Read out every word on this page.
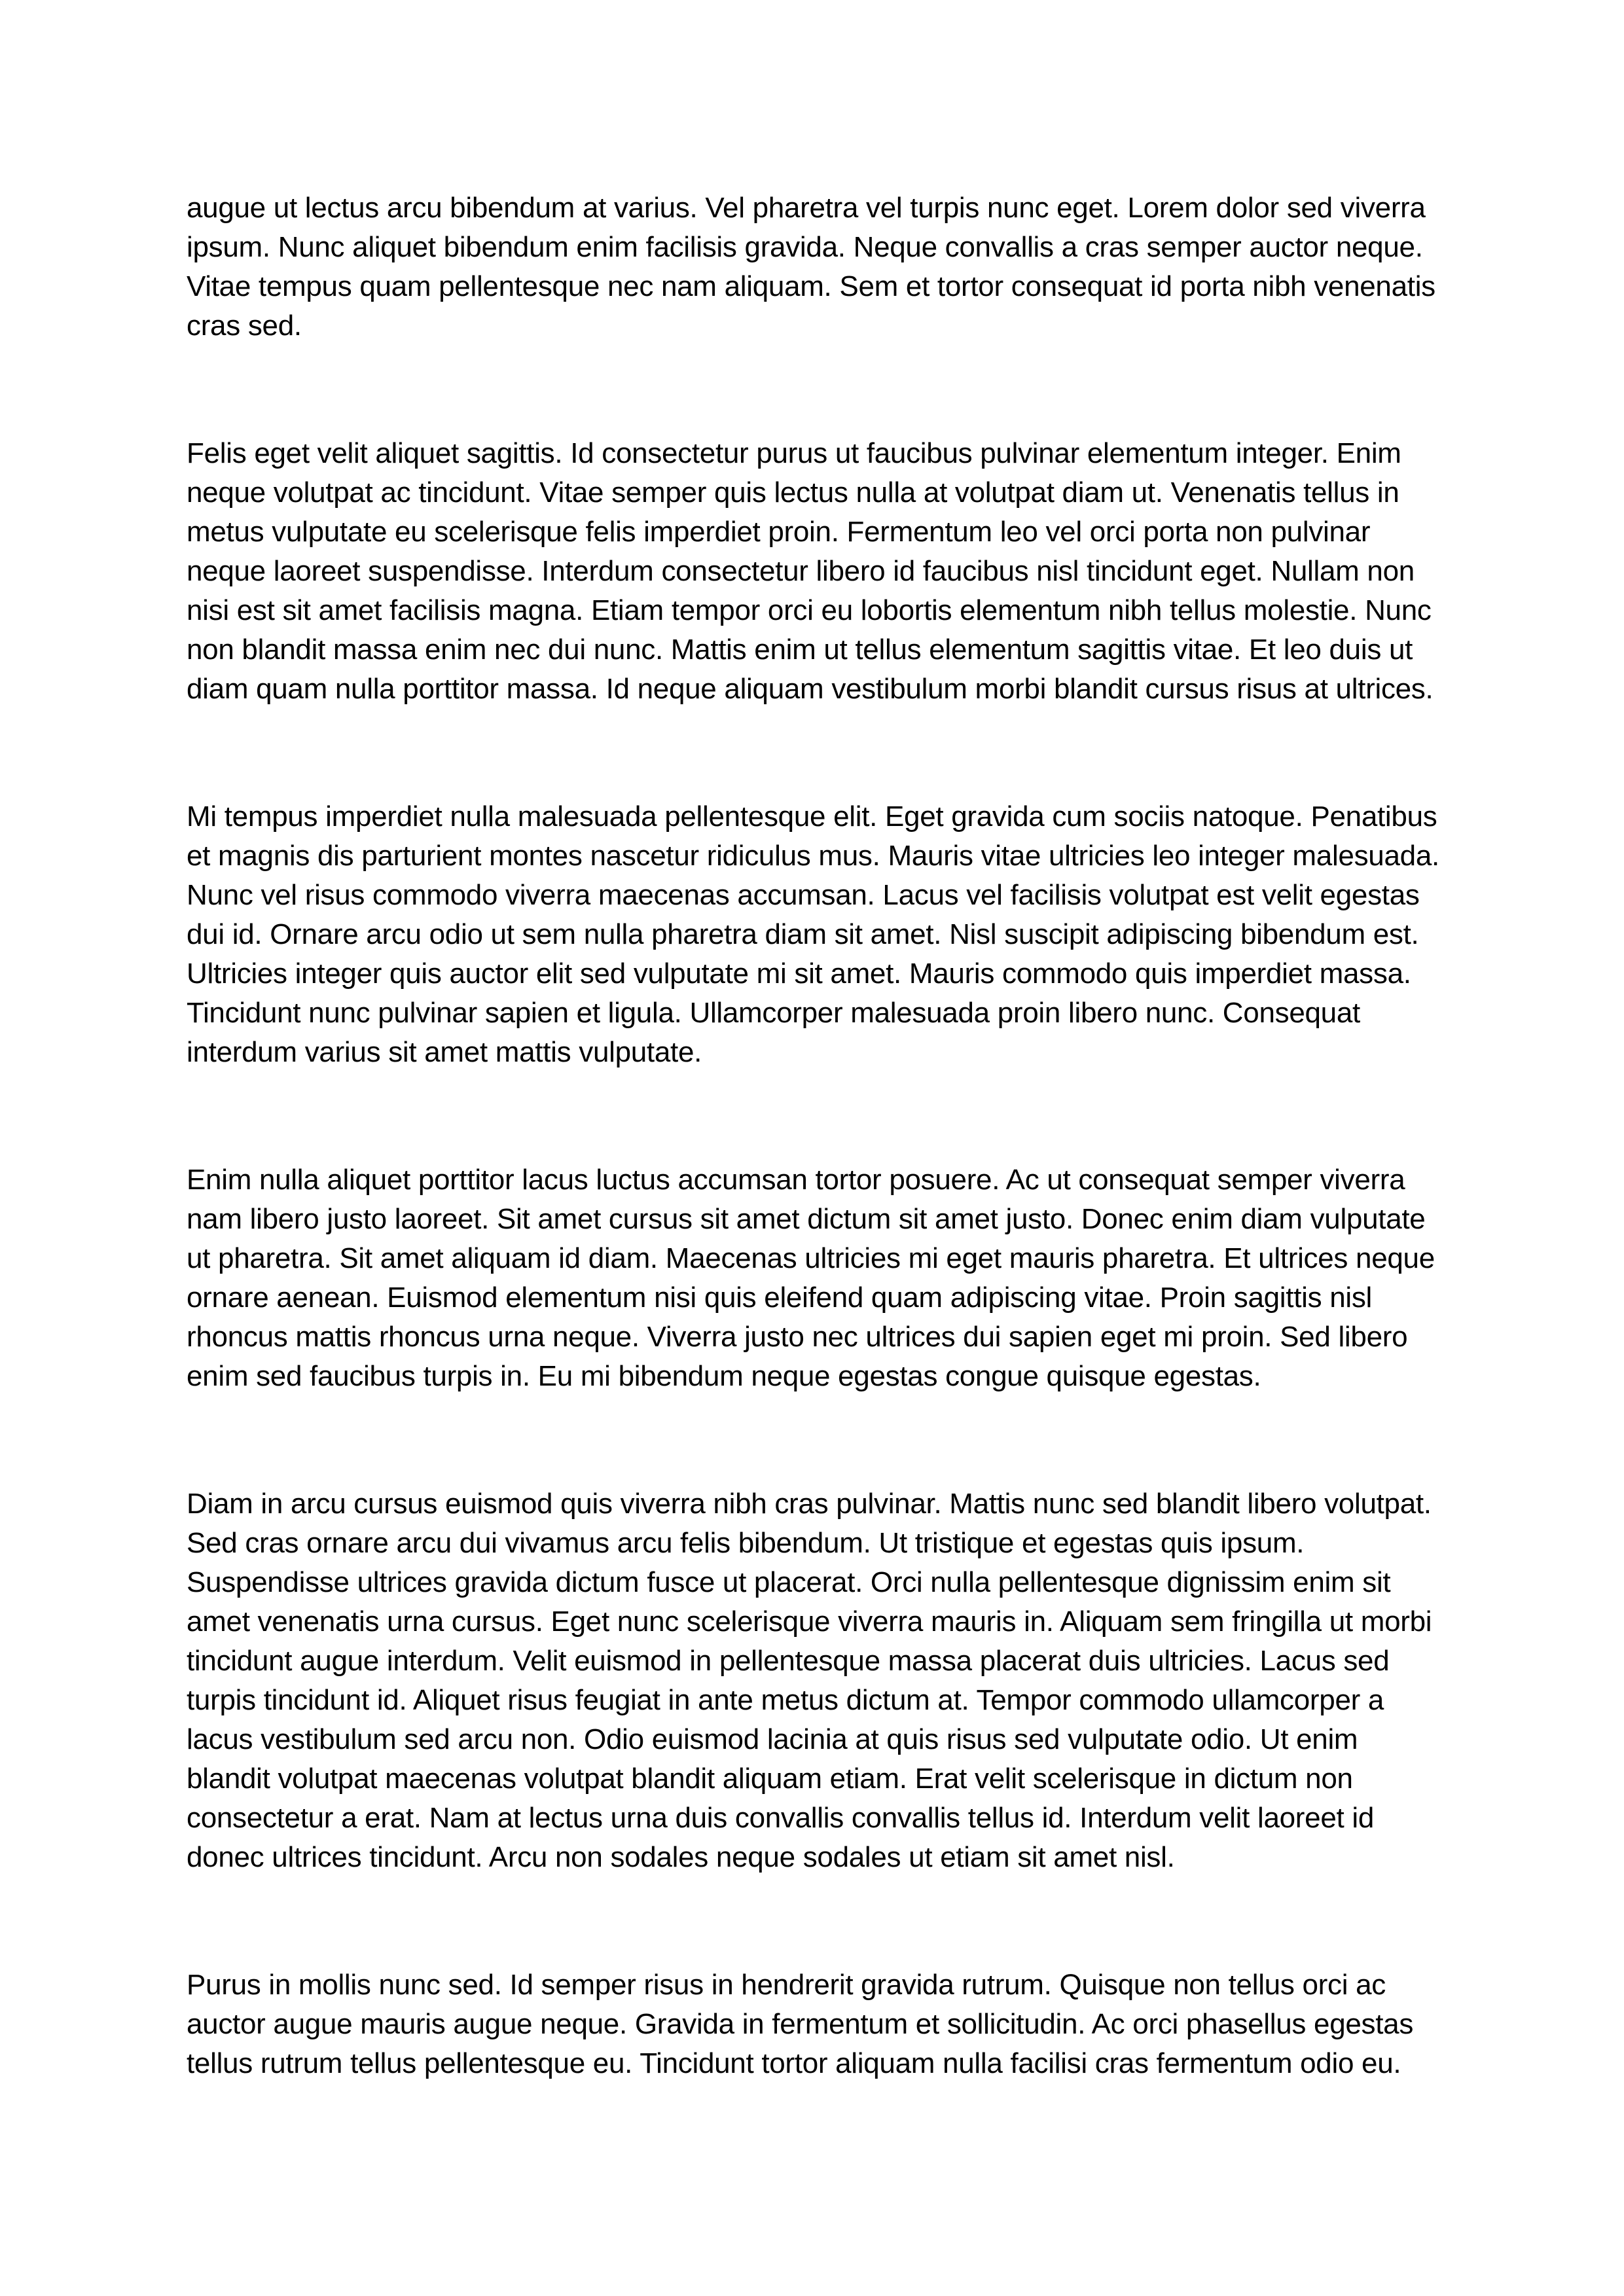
augue ut lectus arcu bibendum at varius. Vel pharetra vel turpis nunc eget. Lorem dolor sed viverra ipsum. Nunc aliquet bibendum enim facilisis gravida. Neque convallis a cras semper auctor neque. Vitae tempus quam pellentesque nec nam aliquam. Sem et tortor consequat id porta nibh venenatis cras sed.

Felis eget velit aliquet sagittis. Id consectetur purus ut faucibus pulvinar elementum integer. Enim neque volutpat ac tincidunt. Vitae semper quis lectus nulla at volutpat diam ut. Venenatis tellus in metus vulputate eu scelerisque felis imperdiet proin. Fermentum leo vel orci porta non pulvinar neque laoreet suspendisse. Interdum consectetur libero id faucibus nisl tincidunt eget. Nullam non nisi est sit amet facilisis magna. Etiam tempor orci eu lobortis elementum nibh tellus molestie. Nunc non blandit massa enim nec dui nunc. Mattis enim ut tellus elementum sagittis vitae. Et leo duis ut diam quam nulla porttitor massa. Id neque aliquam vestibulum morbi blandit cursus risus at ultrices.

Mi tempus imperdiet nulla malesuada pellentesque elit. Eget gravida cum sociis natoque. Penatibus et magnis dis parturient montes nascetur ridiculus mus. Mauris vitae ultricies leo integer malesuada. Nunc vel risus commodo viverra maecenas accumsan. Lacus vel facilisis volutpat est velit egestas dui id. Ornare arcu odio ut sem nulla pharetra diam sit amet. Nisl suscipit adipiscing bibendum est. Ultricies integer quis auctor elit sed vulputate mi sit amet. Mauris commodo quis imperdiet massa. Tincidunt nunc pulvinar sapien et ligula. Ullamcorper malesuada proin libero nunc. Consequat interdum varius sit amet mattis vulputate.

Enim nulla aliquet porttitor lacus luctus accumsan tortor posuere. Ac ut consequat semper viverra nam libero justo laoreet. Sit amet cursus sit amet dictum sit amet justo. Donec enim diam vulputate ut pharetra. Sit amet aliquam id diam. Maecenas ultricies mi eget mauris pharetra. Et ultrices neque ornare aenean. Euismod elementum nisi quis eleifend quam adipiscing vitae. Proin sagittis nisl rhoncus mattis rhoncus urna neque. Viverra justo nec ultrices dui sapien eget mi proin. Sed libero enim sed faucibus turpis in. Eu mi bibendum neque egestas congue quisque egestas.

Diam in arcu cursus euismod quis viverra nibh cras pulvinar. Mattis nunc sed blandit libero volutpat. Sed cras ornare arcu dui vivamus arcu felis bibendum. Ut tristique et egestas quis ipsum. Suspendisse ultrices gravida dictum fusce ut placerat. Orci nulla pellentesque dignissim enim sit amet venenatis urna cursus. Eget nunc scelerisque viverra mauris in. Aliquam sem fringilla ut morbi tincidunt augue interdum. Velit euismod in pellentesque massa placerat duis ultricies. Lacus sed turpis tincidunt id. Aliquet risus feugiat in ante metus dictum at. Tempor commodo ullamcorper a lacus vestibulum sed arcu non. Odio euismod lacinia at quis risus sed vulputate odio. Ut enim blandit volutpat maecenas volutpat blandit aliquam etiam. Erat velit scelerisque in dictum non consectetur a erat. Nam at lectus urna duis convallis convallis tellus id. Interdum velit laoreet id donec ultrices tincidunt. Arcu non sodales neque sodales ut etiam sit amet nisl.

Purus in mollis nunc sed. Id semper risus in hendrerit gravida rutrum. Quisque non tellus orci ac auctor augue mauris augue neque. Gravida in fermentum et sollicitudin. Ac orci phasellus egestas tellus rutrum tellus pellentesque eu. Tincidunt tortor aliquam nulla facilisi cras fermentum odio eu.
